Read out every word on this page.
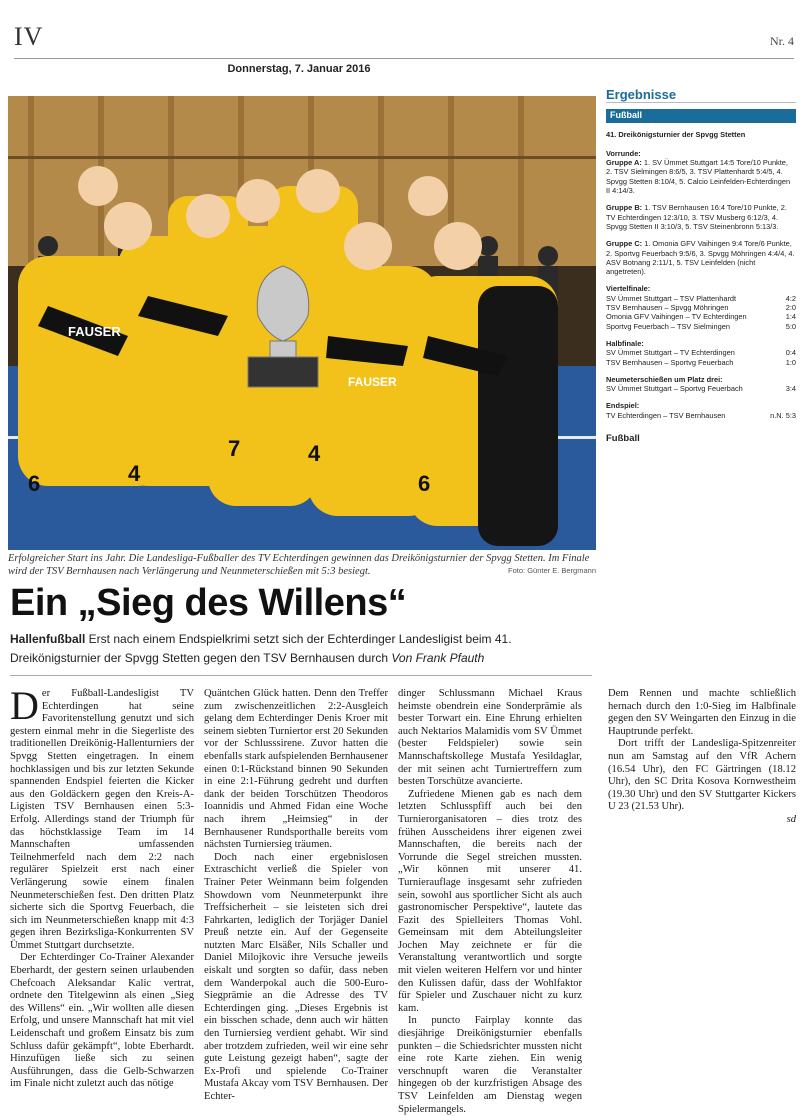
IV	Nr. 4
Donnerstag, 7. Januar 2016
FAUSER
FAUSER
6	4
7	4
6
Erfolgreicher Start ins Jahr. Die Landesliga-Fußballer des TV Echterdingen gewinnen das Dreikönigsturnier der Spvgg Stetten. Im Finale wird der TSV Bernhausen nach Verlängerung und Neunmeterschießen mit 5:3 besiegt.	Foto: Günter E. Bergmann
Ergebnisse
Fußball
41. Dreikönigsturnier der Spvgg Stetten
Vorrunde:
Gruppe A: 1. SV Ümmet Stuttgart 14:5 Tore/10 Punkte, 2. TSV Sielmingen 8:6/5, 3. TSV Plattenhardt 5:4/5, 4. Spvgg Stetten 8:10/4, 5. Calcio Leinfelden-Echterdingen II 4:14/3.
Gruppe B: 1. TSV Bernhausen 16:4 Tore/10 Punkte, 2. TV Echterdingen 12:3/10, 3. TSV Musberg 6:12/3, 4. Spvgg Stetten II 3:10/3, 5. TSV Steinenbronn 5:13/3.
Gruppe C: 1. Omonia GFV Vaihingen 9:4 Tore/6 Punkte, 2. Sportvg Feuerbach 9:5/6, 3. Spvgg Möhringen 4:4/4, 4. ASV Botnang 2:11/1, 5. TSV Leinfelden (nicht angetreten).
Viertelfinale:
SV Ümmet Stuttgart – TSV Plattenhardt	4:2
TSV Bernhausen – Spvgg Möhringen	2:0
Omonia GFV Vaihingen – TV Echterdingen	1:4
Sportvg Feuerbach – TSV Sielmingen	5:0
Halbfinale:
SV Ümmet Stuttgart – TV Echterdingen	0:4
TSV Bernhausen – Sportvg Feuerbach	1:0
Neumeterschießen um Platz drei:
SV Ümmet Stuttgart – Sportvg Feuerbach	3:4
Endspiel:
TV Echterdingen – TSV Bernhausen	n.N. 5:3
Fußball
Ein „Sieg des Willens“
Hallenfußball Erst nach einem Endspielkrimi setzt sich der Echterdinger Landesligist beim 41. Dreikönigsturnier der Spvgg Stetten gegen den TSV Bernhausen durch Von Frank Pfauth

Der Fußball-Landesligist TV Echterdingen hat seine Favoritenstellung genutzt und sich gestern einmal mehr in die Siegerliste des traditionellen Dreikönig-Hallenturniers der Spvgg Stetten eingetragen. In einem hochklassigen und bis zur letzten Sekunde spannenden Endspiel feierten die Kicker aus den Goldäckern gegen den Kreis-A-Ligisten TSV Bernhausen einen 5:3-Erfolg. Allerdings stand der Triumph für das höchstklassige Team im 14 Mannschaften umfassenden Teilnehmerfeld nach dem 2:2 nach regulärer Spielzeit erst nach einer Verlängerung sowie einem finalen Neunmeterschießen fest. Den dritten Platz sicherte sich die Sportvg Feuerbach, die sich im Neunmeterschießen knapp mit 4:3 gegen ihren Bezirksliga-Konkurrenten SV Ümmet Stuttgart durchsetzte.

Der Echterdinger Co-Trainer Alexander Eberhardt, der gestern seinen urlaubenden Chefcoach Aleksandar Kalic vertrat, ordnete den Titelgewinn als einen „Sieg des Willens“ ein. „Wir wollten alle diesen Erfolg, und unsere Mannschaft hat mit viel Leidenschaft und großem Einsatz bis zum Schluss dafür gekämpft“, lobte Eberhardt. Hinzufügen ließe sich zu seinen Ausführungen, dass die Gelb-Schwarzen im Finale nicht zuletzt auch das nötige

Quäntchen Glück hatten. Denn den Treffer zum zwischenzeitlichen 2:2-Ausgleich gelang dem Echterdinger Denis Kroer mit seinem siebten Turniertor erst 20 Sekunden vor der Schlusssirene. Zuvor hatten die ebenfalls stark aufspielenden Bernhausener einen 0:1-Rückstand binnen 90 Sekunden in eine 2:1-Führung gedreht und durften dank der beiden Torschützen Theodoros Ioannidis und Ahmed Fidan eine Woche nach ihrem „Heimsieg“ in der Bernhausener Rundsporthalle bereits vom nächsten Turniersieg träumen.

Doch nach einer ergebnislosen Extraschicht verließ die Spieler von Trainer Peter Weinmann beim folgenden Showdown vom Neunmeterpunkt ihre Treffsicherheit – sie leisteten sich drei Fahrkarten, lediglich der Torjäger Daniel Preuß netzte ein. Auf der Gegenseite nutzten Marc Elsäßer, Nils Schaller und Daniel Milojkovic ihre Versuche jeweils eiskalt und sorgten so dafür, dass neben dem Wanderpokal auch die 500-Euro-Siegprämie an die Adresse des TV Echterdingen ging. „Dieses Ergebnis ist ein bisschen schade, denn auch wir hätten den Turniersieg verdient gehabt. Wir sind aber trotzdem zufrieden, weil wir eine sehr gute Leistung gezeigt haben“, sagte der Ex-Profi und spielende Co-Trainer Mustafa Akcay vom TSV Bernhausen. Der Echter-

dinger Schlussmann Michael Kraus heimste obendrein eine Sonderprämie als bester Torwart ein. Eine Ehrung erhielten auch Nektarios Malamidis vom SV Ümmet (bester Feldspieler) sowie sein Mannschaftskollege Mustafa Yesildaglar, der mit seinen acht Turniertreffern zum besten Torschütze avancierte.

Zufriedene Mienen gab es nach dem letzten Schlusspfiff auch bei den Turnierorganisatoren – dies trotz des frühen Ausscheidens ihrer eigenen zwei Mannschaften, die bereits nach der Vorrunde die Segel streichen mussten. „Wir können mit unserer 41. Turnierauflage insgesamt sehr zufrieden sein, sowohl aus sportlicher Sicht als auch gastronomischer Perspektive“, lautete das Fazit des Spielleiters Thomas Vohl. Gemeinsam mit dem Abteilungsleiter Jochen May zeichnete er für die Veranstaltung verantwortlich und sorgte mit vielen weiteren Helfern vor und hinter den Kulissen dafür, dass der Wohlfaktor für Spieler und Zuschauer nicht zu kurz kam.

In puncto Fairplay konnte das diesjährige Dreikönigsturnier ebenfalls punkten – die Schiedsrichter mussten nicht eine rote Karte ziehen. Ein wenig verschnupft waren die Veranstalter hingegen ob der kurzfristigen Absage des TSV Leinfelden am Dienstag wegen Spielermangels.

Dem Rennen und machte schließlich hernach durch den 1:0-Sieg im Halbfinale gegen den SV Weingarten den Einzug in die Hauptrunde perfekt.

Dort trifft der Landesliga-Spitzenreiter nun am Samstag auf den VfR Achern (16.54 Uhr), den FC Gärtringen (18.12 Uhr), den SC Drita Kosova Kornwestheim (19.30 Uhr) und den SV Stuttgarter Kickers U 23 (21.53 Uhr).

sd
